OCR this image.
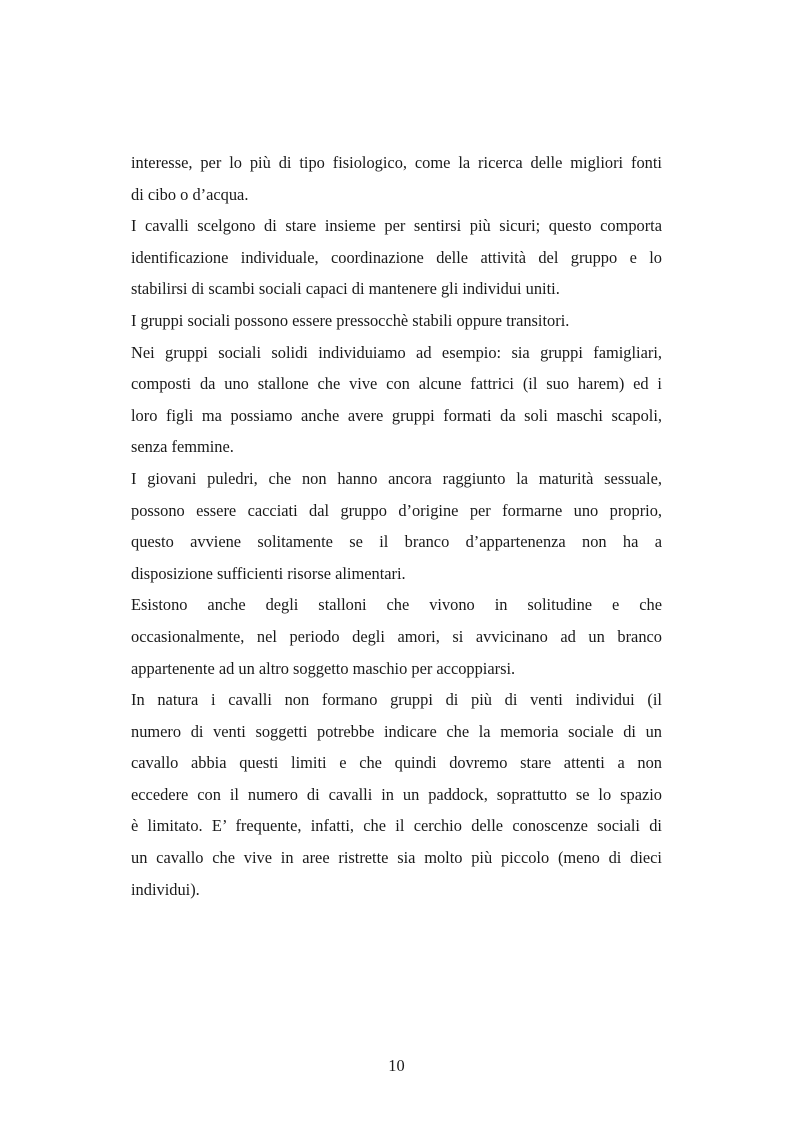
interesse, per lo più di tipo fisiologico, come la ricerca delle migliori fonti
di cibo o d’acqua.
I cavalli scelgono di stare insieme per sentirsi più sicuri; questo comporta
identificazione individuale, coordinazione delle attività del gruppo e lo
stabilirsi di scambi sociali capaci di mantenere gli individui uniti.
I gruppi sociali possono essere pressocchè stabili oppure transitori.
Nei gruppi sociali solidi individuiamo ad esempio: sia gruppi famigliari,
composti da uno stallone che vive con alcune fattrici (il suo harem) ed i
loro figli ma possiamo anche avere gruppi formati da soli maschi scapoli,
senza femmine.
I giovani puledri, che non hanno ancora raggiunto la maturità sessuale,
possono essere cacciati dal gruppo d’origine per formarne uno proprio,
questo avviene solitamente se il branco d’appartenenza non ha a
disposizione sufficienti risorse alimentari.
Esistono anche degli stalloni che vivono in solitudine e che
occasionalmente, nel periodo degli amori, si avvicinano ad un branco
appartenente ad un altro soggetto maschio per accoppiarsi.
In natura i cavalli non formano gruppi di più di venti individui (il
numero di venti soggetti potrebbe indicare che la memoria sociale di un
cavallo abbia questi limiti e che quindi dovremo stare attenti a non
eccedere con il numero di cavalli in un paddock, soprattutto se lo spazio
è limitato. E’ frequente, infatti, che il cerchio delle conoscenze sociali di
un cavallo che vive in aree ristrette sia molto più piccolo (meno di dieci
individui).
10
